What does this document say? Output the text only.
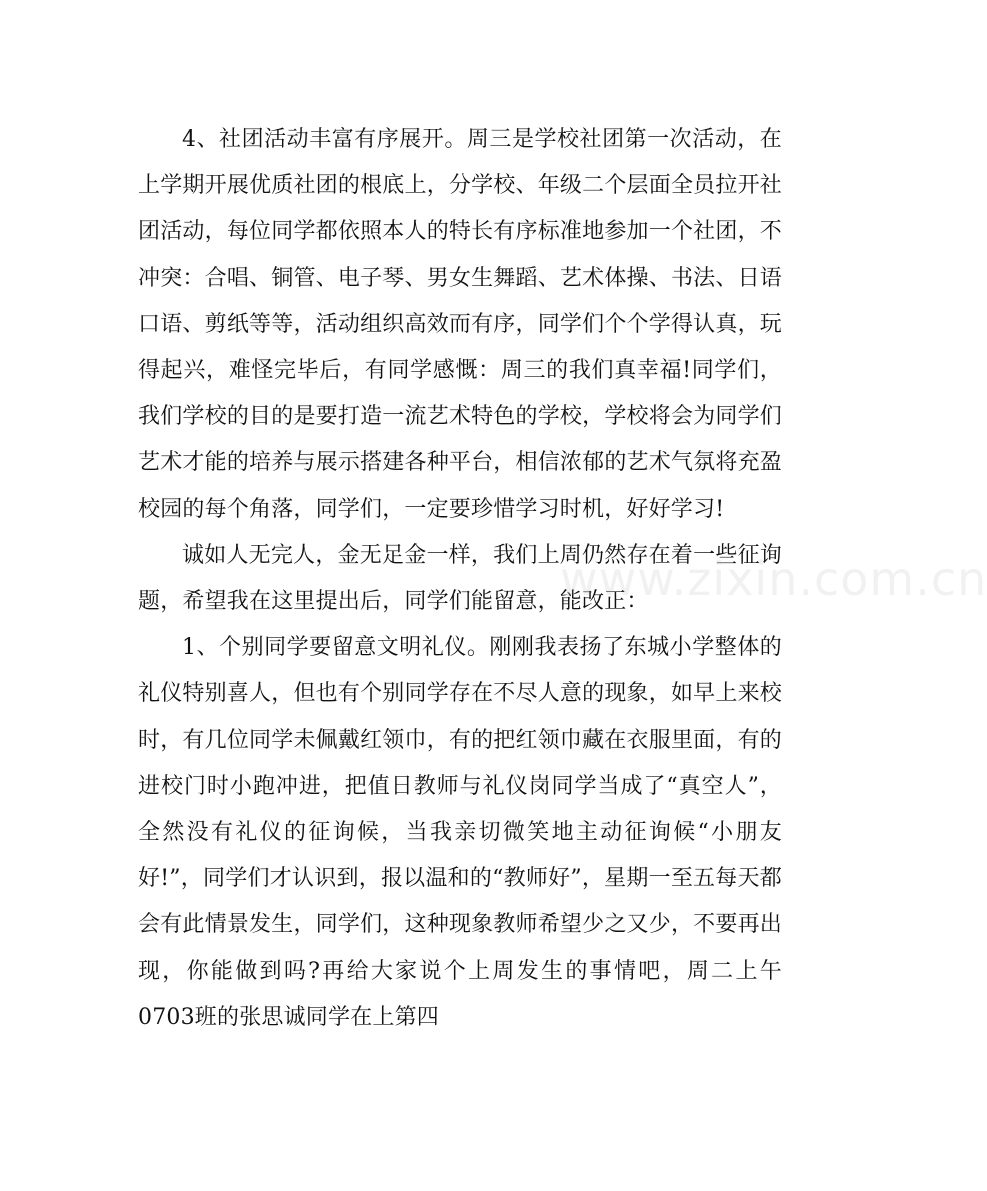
4、社团活动丰富有序展开。周三是学校社团第一次活动，在上学期开展优质社团的根底上，分学校、年级二个层面全员拉开社团活动，每位同学都依照本人的特长有序标准地参加一个社团，不冲突：合唱、铜管、电子琴、男女生舞蹈、艺术体操、书法、日语口语、剪纸等等，活动组织高效而有序，同学们个个学得认真，玩得起兴，难怪完毕后，有同学感慨：周三的我们真幸福!同学们，我们学校的目的是要打造一流艺术特色的学校，学校将会为同学们艺术才能的培养与展示搭建各种平台，相信浓郁的艺术气氛将充盈校园的每个角落，同学们，一定要珍惜学习时机，好好学习!

诚如人无完人，金无足金一样，我们上周仍然存在着一些征询题，希望我在这里提出后，同学们能留意，能改正：

1、个别同学要留意文明礼仪。刚刚我表扬了东城小学整体的礼仪特别喜人，但也有个别同学存在不尽人意的现象，如早上来校时，有几位同学未佩戴红领巾，有的把红领巾藏在衣服里面，有的进校门时小跑冲进，把值日教师与礼仪岗同学当成了“真空人”，全然没有礼仪的征询候，当我亲切微笑地主动征询候“小朋友好!”，同学们才认识到，报以温和的“教师好”，星期一至五每天都会有此情景发生，同学们，这种现象教师希望少之又少，不要再出现，你能做到吗?再给大家说个上周发生的事情吧，周二上午0703班的张思诚同学在上第四

www.zixin.com.cn
